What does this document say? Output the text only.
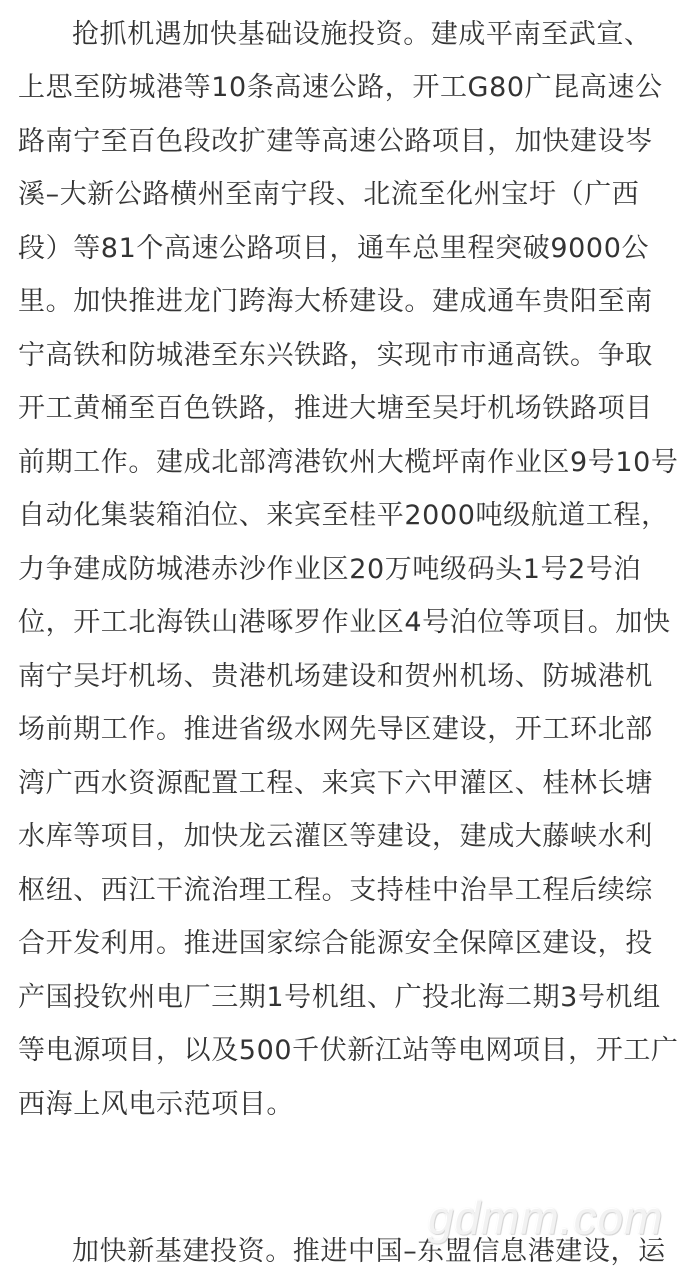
抢抓机遇加快基础设施投资。建成平南至武宣、
上思至防城港等10条高速公路，开工G80广昆高速公
路南宁至百色段改扩建等高速公路项目，加快建设岑
溪–大新公路横州至南宁段、北流至化州宝圩（广西
段）等81个高速公路项目，通车总里程突破9000公
里。加快推进龙门跨海大桥建设。建成通车贵阳至南
宁高铁和防城港至东兴铁路，实现市市通高铁。争取
开工黄桶至百色铁路，推进大塘至吴圩机场铁路项目
前期工作。建成北部湾港钦州大榄坪南作业区9号10号
自动化集装箱泊位、来宾至桂平2000吨级航道工程，
力争建成防城港赤沙作业区20万吨级码头1号2号泊
位，开工北海铁山港啄罗作业区4号泊位等项目。加快
南宁吴圩机场、贵港机场建设和贺州机场、防城港机
场前期工作。推进省级水网先导区建设，开工环北部
湾广西水资源配置工程、来宾下六甲灌区、桂林长塘
水库等项目，加快龙云灌区等建设，建成大藤峡水利
枢纽、西江干流治理工程。支持桂中治旱工程后续综
合开发利用。推进国家综合能源安全保障区建设，投
产国投钦州电厂三期1号机组、广投北海二期3号机组
等电源项目，以及500千伏新江站等电网项目，开工广
西海上风电示范项目。
加快新基建投资。推进中国–东盟信息港建设，运
gdmm.com
